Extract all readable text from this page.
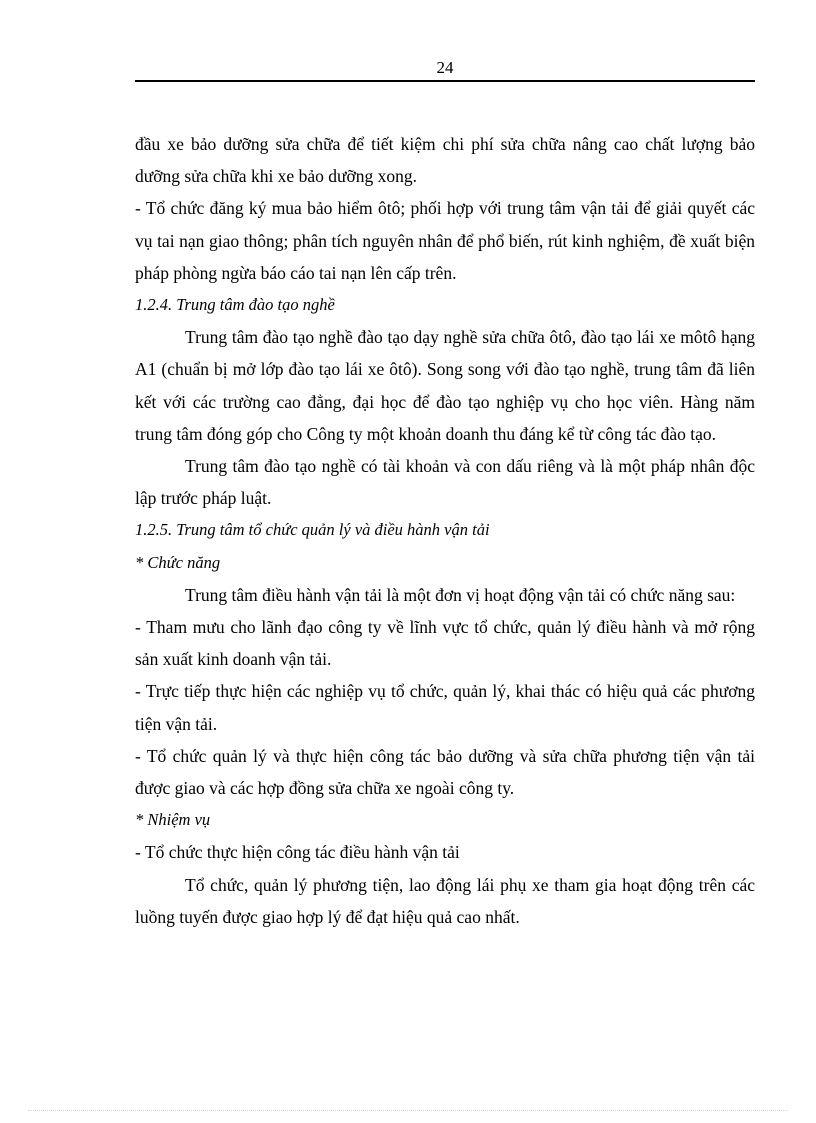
24

đầu xe bảo dưỡng sửa chữa để tiết kiệm chi phí sửa chữa nâng cao chất lượng bảo dưỡng sửa chữa khi xe bảo dưỡng xong.

- Tổ chức đăng ký mua bảo hiểm ôtô; phối hợp với trung tâm vận tải để giải quyết các vụ tai nạn giao thông; phân tích nguyên nhân để phổ biến, rút kinh nghiệm, đề xuất biện pháp phòng ngừa báo cáo tai nạn lên cấp trên.

1.2.4. Trung tâm đào tạo nghề

Trung tâm đào tạo nghề đào tạo dạy nghề sửa chữa ôtô, đào tạo lái xe môtô hạng A1 (chuẩn bị mở lớp đào tạo lái xe ôtô). Song song với đào tạo nghề, trung tâm đã liên kết với các trường cao đẳng, đại học để đào tạo nghiệp vụ cho học viên. Hàng năm trung tâm đóng góp cho Công ty một khoản doanh thu đáng kể từ công tác đào tạo.

Trung tâm đào tạo nghề có tài khoản và con dấu riêng và là một pháp nhân độc lập trước pháp luật.

1.2.5. Trung tâm tổ chức quản lý và điều hành vận tải

* Chức năng

Trung tâm điều hành vận tải là một đơn vị hoạt động vận tải có chức năng sau:

- Tham mưu cho lãnh đạo công ty về lĩnh vực tổ chức, quản lý điều hành và mở rộng sản xuất kinh doanh vận tải.

- Trực tiếp thực hiện các nghiệp vụ tổ chức, quản lý, khai thác có hiệu quả các phương tiện vận tải.

- Tổ chức quản lý và thực hiện công tác bảo dưỡng và sửa chữa phương tiện vận tải được giao và các hợp đồng sửa chữa xe ngoài công ty.

* Nhiệm vụ

- Tổ chức thực hiện công tác điều hành vận tải

Tổ chức, quản lý phương tiện, lao động lái phụ xe tham gia hoạt động trên các luồng tuyến được giao hợp lý để đạt hiệu quả cao nhất.
